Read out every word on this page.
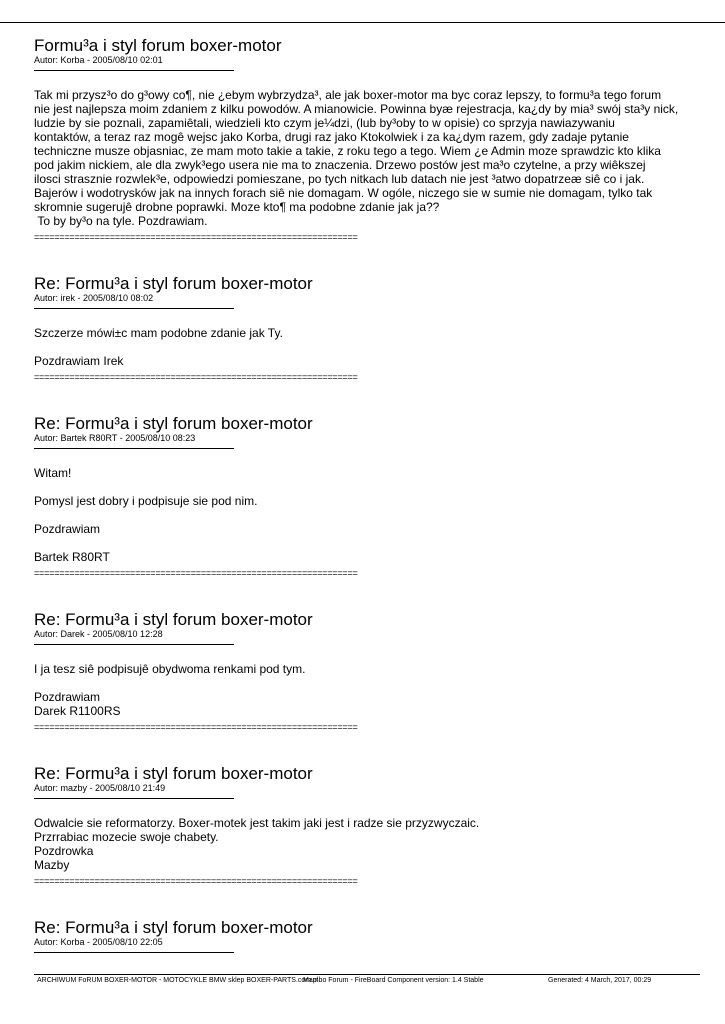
Formu³a i styl forum boxer-motor
Autor: Korba - 2005/08/10 02:01

Tak mi przysz³o do g³owy co¶, nie ¿ebym wybrzydza³, ale jak boxer-motor ma byc coraz lepszy, to formu³a tego forum
nie jest najlepsza moim zdaniem z kilku powodów. A mianowicie. Powinna byæ rejestracja, ka¿dy by mia³ swój sta³y nick,
ludzie by sie poznali, zapamiêtali, wiedzieli kto czym je¼dzi, (lub by³oby to w opisie) co sprzyja nawiazywaniu
kontaktów, a teraz raz mogê wejsc jako Korba, drugi raz jako Ktokolwiek i za ka¿dym razem, gdy zadaje pytanie
techniczne musze objasniac, ze mam moto takie a takie, z roku tego a tego. Wiem ¿e Admin moze sprawdzic kto klika
pod jakim nickiem, ale dla zwyk³ego usera nie ma to znaczenia. Drzewo postów jest ma³o czytelne, a przy wiêkszej
ilosci strasznie rozwlek³e, odpowiedzi pomieszane, po tych nitkach lub datach nie jest ³atwo dopatrzeæ siê co i jak.
Bajerów i wodotrysków jak na innych forach siê nie domagam. W ogóle, niczego sie w sumie nie domagam, tylko tak
skromnie sugerujê drobne poprawki. Moze kto¶ ma podobne zdanie jak ja??
To by by³o na tyle. Pozdrawiam.

================================================================
Re: Formu³a i styl forum boxer-motor
Autor: irek - 2005/08/10 08:02

Szczerze mówi±c mam podobne zdanie jak Ty.

Pozdrawiam Irek

================================================================
Re: Formu³a i styl forum boxer-motor
Autor: Bartek R80RT - 2005/08/10 08:23

Witam!

Pomysl jest dobry i podpisuje sie pod nim.

Pozdrawiam

Bartek R80RT

================================================================
Re: Formu³a i styl forum boxer-motor
Autor: Darek - 2005/08/10 12:28

I ja tesz siê podpisujê obydwoma renkami pod tym.

Pozdrawiam
Darek R1100RS

================================================================
Re: Formu³a i styl forum boxer-motor
Autor: mazby - 2005/08/10 21:49

Odwalcie sie reformatorzy. Boxer-motek jest takim jaki jest i radze sie przyzwyczaic.
Przrrabiac mozecie swoje chabety.
Pozdrowka
Mazby

================================================================
Re: Formu³a i styl forum boxer-motor
Autor: Korba - 2005/08/10 22:05
ARCHIWUM FoRUM BOXER-MOTOR - MOTOCYKLE BMW sklep BOXER-PARTS.com.pl
Mambo Forum - FireBoard Component version: 1.4 Stable	Generated: 4 March, 2017, 00:29
